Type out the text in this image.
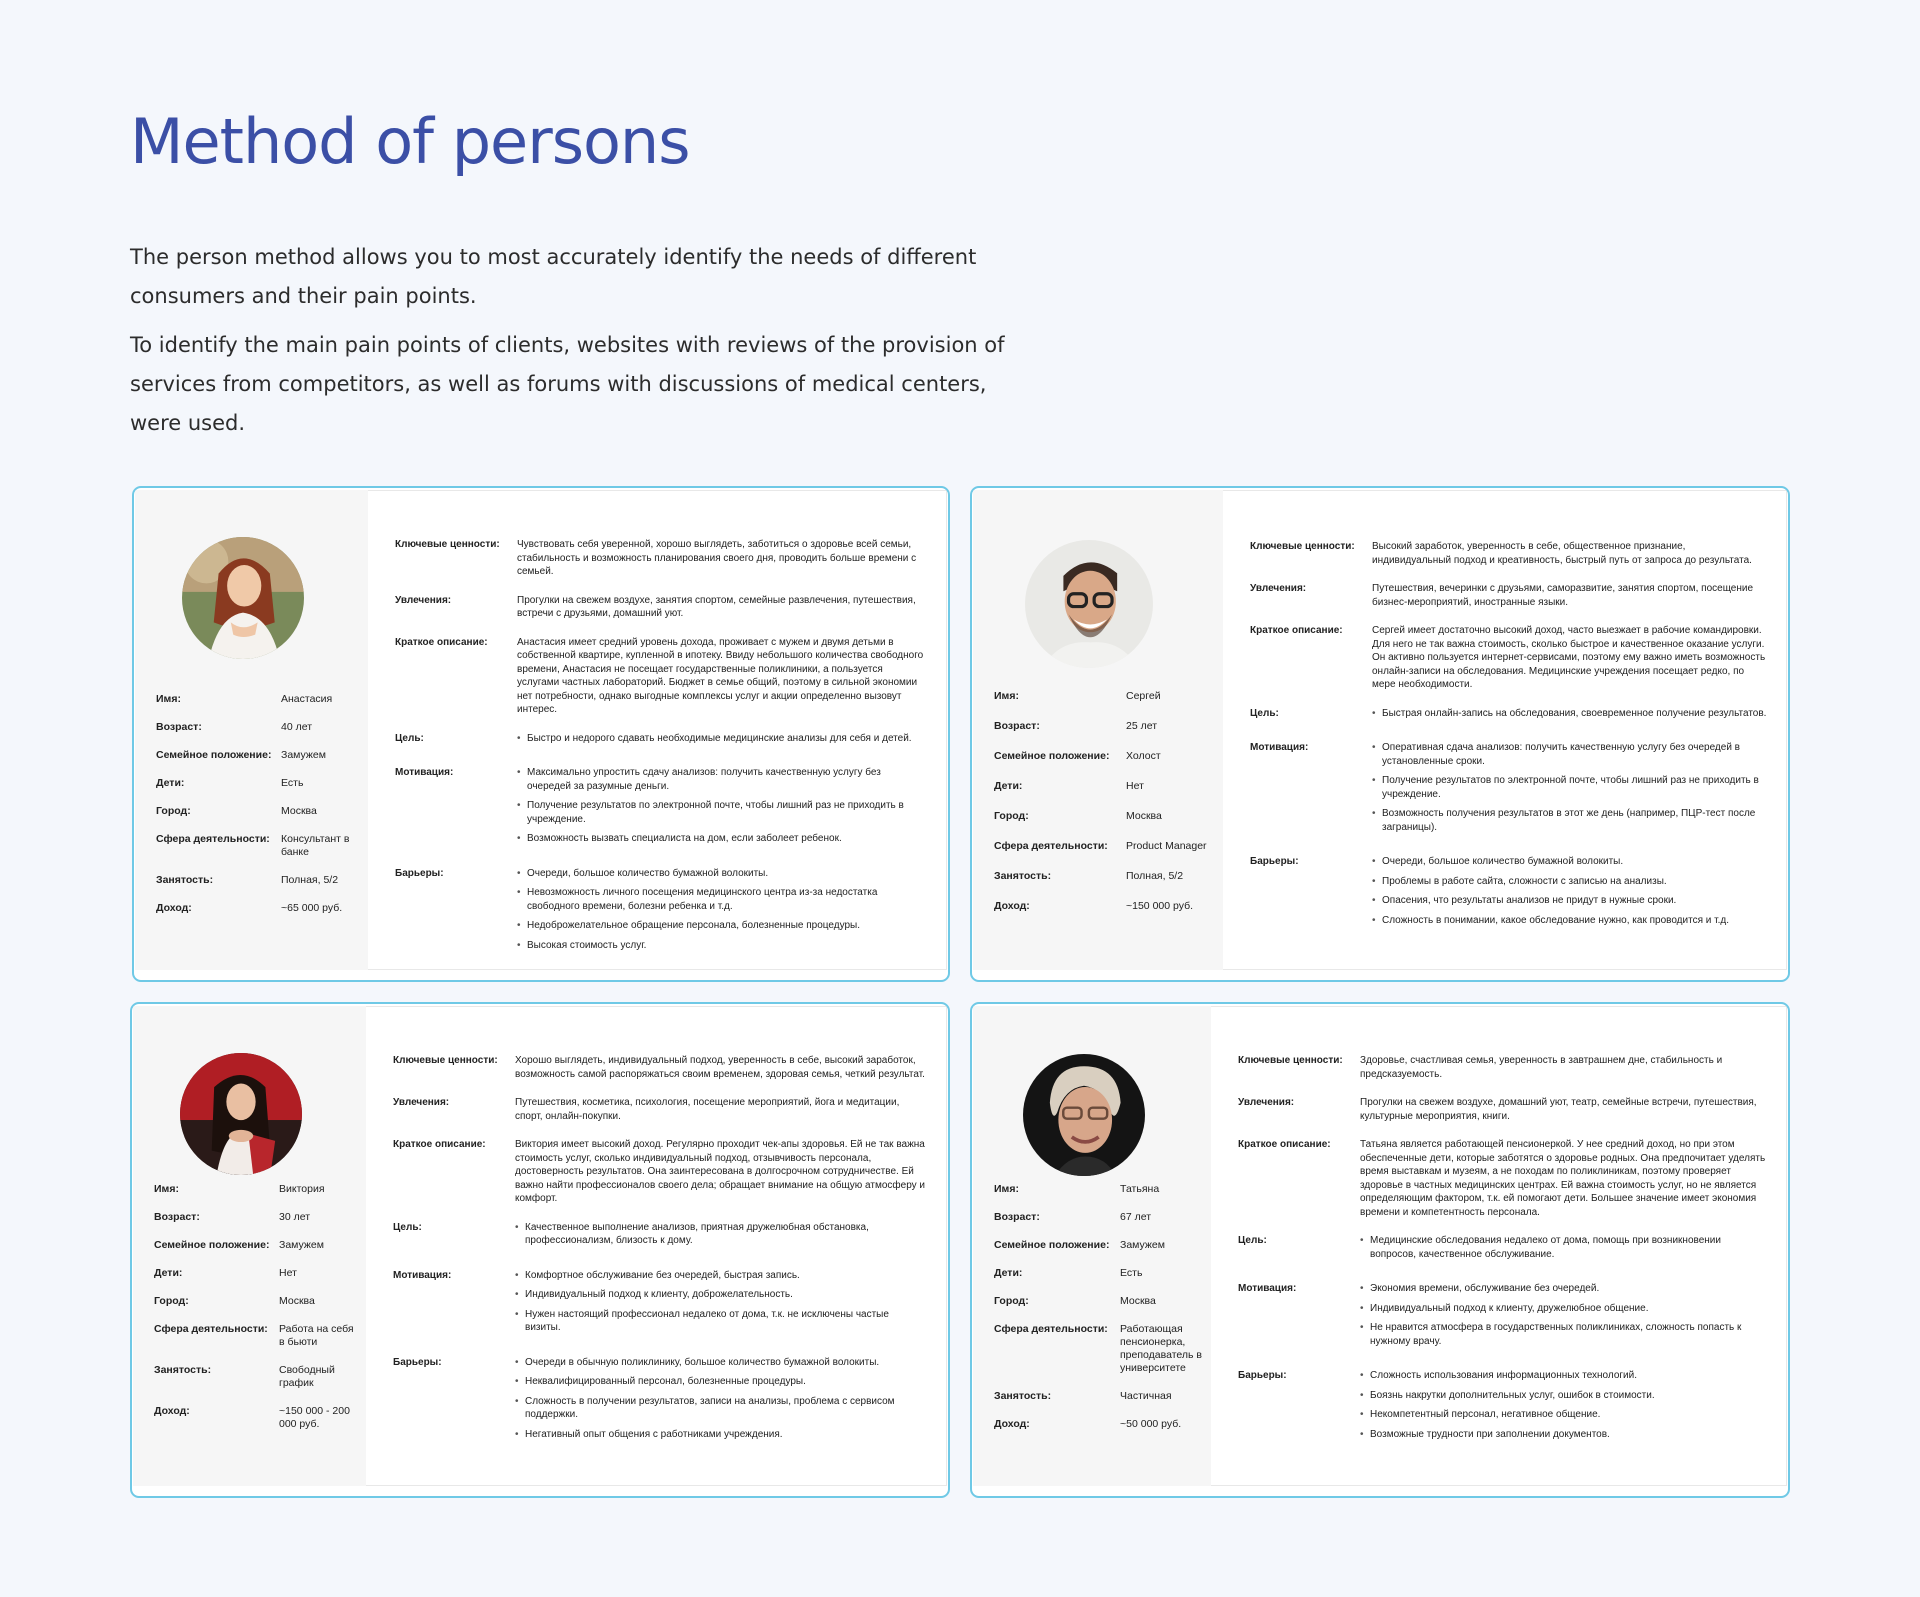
Method of persons

The person method allows you to most accurately identify the needs of different consumers and their pain points.

To identify the main pain points of clients, websites with reviews of the provision of services from competitors, as well as forums with discussions of medical centers, were used.

Имя:	Анастасия
Возраст:	40 лет
Семейное положение: Замужем
Дети:	Есть
Город:	Москва
Сфера деятельности:	Консультант в банке
Занятость:	Полная, 5/2
Доход:	~65 000 руб.
Ключевые ценности:	Чувствовать себя уверенной, хорошо выглядеть, заботиться о здоровье всей семьи, стабильность и возможность планирования своего дня, проводить больше времени с семьей.
Увлечения:	Прогулки на свежем воздухе, занятия спортом, семейные развлечения, путешествия, встречи с друзьями, домашний уют.
Краткое описание:	Анастасия имеет средний уровень дохода, проживает с мужем и двумя детьми в собственной квартире, купленной в ипотеку. Ввиду небольшого количества свободного времени, Анастасия не посещает государственные поликлиники, а пользуется услугами частных лабораторий. Бюджет в семье общий, поэтому в сильной экономии нет потребности, однако выгодные комплексы услуг и акции определенно вызовут интерес.
Цель:	• Быстро и недорого сдавать необходимые медицинские анализы для себя и детей.
Мотивация:	• Максимально упростить сдачу анализов: получить качественную услугу без очередей за разумные деньги.
• Получение результатов по электронной почте, чтобы лишний раз не приходить в учреждение.
• Возможность вызвать специалиста на дом, если заболеет ребенок.
Барьеры:	• Очереди, большое количество бумажной волокиты.
• Невозможность личного посещения медицинского центра из-за недостатка свободного времени, болезни ребенка и т.д.
• Недоброжелательное обращение персонала, болезненные процедуры.
• Высокая стоимость услуг.
Имя:	Сергей
Возраст:	25 лет
Семейное положение:	Холост
Дети:	Нет
Город:	Москва
Сфера деятельности:	Product Manager
Занятость:	Полная, 5/2
Доход:	~150 000 руб.
Ключевые ценности:	Высокий заработок, уверенность в себе, общественное признание, индивидуальный подход и креативность, быстрый путь от запроса до результата.
Увлечения:	Путешествия, вечеринки с друзьями, саморазвитие, занятия спортом, посещение бизнес-мероприятий, иностранные языки.
Краткое описание:	Сергей имеет достаточно высокий доход, часто выезжает в рабочие командировки. Для него не так важна стоимость, сколько быстрое и качественное оказание услуги. Он активно пользуется интернет-сервисами, поэтому ему важно иметь возможность онлайн-записи на обследования. Медицинские учреждения посещает редко, по мере необходимости.
Цель:	• Быстрая онлайн-запись на обследования, своевременное получение результатов.
Мотивация:	• Оперативная сдача анализов: получить качественную услугу без очередей в установленные сроки.
• Получение результатов по электронной почте, чтобы лишний раз не приходить в учреждение.
• Возможность получения результатов в этот же день (например, ПЦР-тест после заграницы).
Барьеры:	• Очереди, большое количество бумажной волокиты.
• Проблемы в работе сайта, сложности с записью на анализы.
• Опасения, что результаты анализов не придут в нужные сроки.
• Сложность в понимании, какое обследование нужно, как проводится и т.д.
Имя:	Виктория
Возраст:	30 лет
Семейное положение: Замужем
Дети:	Нет
Город:	Москва
Сфера деятельности:	Работа на себя в бьюти
Занятость:	Свободный график
Доход:	~150 000 - 200 000 руб.
Ключевые ценности:	Хорошо выглядеть, индивидуальный подход, уверенность в себе, высокий заработок, возможность самой распоряжаться своим временем, здоровая семья, четкий результат.
Увлечения:	Путешествия, косметика, психология, посещение мероприятий, йога и медитации, спорт, онлайн-покупки.
Краткое описание:	Виктория имеет высокий доход. Регулярно проходит чек-апы здоровья. Ей не так важна стоимость услуг, сколько индивидуальный подход, отзывчивость персонала, достоверность результатов. Она заинтересована в долгосрочном сотрудничестве. Ей важно найти профессионалов своего дела; обращает внимание на общую атмосферу и комфорт.
Цель:	• Качественное выполнение анализов, приятная дружелюбная обстановка, профессионализм, близость к дому.
Мотивация:	• Комфортное обслуживание без очередей, быстрая запись.
• Индивидуальный подход к клиенту, доброжелательность.
• Нужен настоящий профессионал недалеко от дома, т.к. не исключены частые визиты.
Барьеры:	• Очереди в обычную поликлинику, большое количество бумажной волокиты.
• Неквалифицированный персонал, болезненные процедуры.
• Сложность в получении результатов, записи на анализы, проблема с сервисом поддержки.
• Негативный опыт общения с работниками учреждения.
Имя:	Татьяна
Возраст:	67 лет
Семейное положение:	Замужем
Дети:	Есть
Город:	Москва
Сфера деятельности:	Работающая пенсионерка, преподаватель в университете
Занятость:	Частичная
Доход:	~50 000 руб.
Ключевые ценности:	Здоровье, счастливая семья, уверенность в завтрашнем дне, стабильность и предсказуемость.
Увлечения:	Прогулки на свежем воздухе, домашний уют, театр, семейные встречи, путешествия, культурные мероприятия, книги.
Краткое описание:	Татьяна является работающей пенсионеркой. У нее средний доход, но при этом обеспеченные дети, которые заботятся о здоровье родных. Она предпочитает уделять время выставкам и музеям, а не походам по поликлиникам, поэтому проверяет здоровье в частных медицинских центрах. Ей важна стоимость услуг, но не является определяющим фактором, т.к. ей помогают дети. Большее значение имеет экономия времени и компетентность персонала.
Цель:	• Медицинские обследования недалеко от дома, помощь при возникновении вопросов, качественное обслуживание.
Мотивация:	• Экономия времени, обслуживание без очередей.
• Индивидуальный подход к клиенту, дружелюбное общение.
• Не нравится атмосфера в государственных поликлиниках, сложность попасть к нужному врачу.
Барьеры:	• Сложность использования информационных технологий.
• Боязнь накрутки дополнительных услуг, ошибок в стоимости.
• Некомпетентный персонал, негативное общение.
• Возможные трудности при заполнении документов.
